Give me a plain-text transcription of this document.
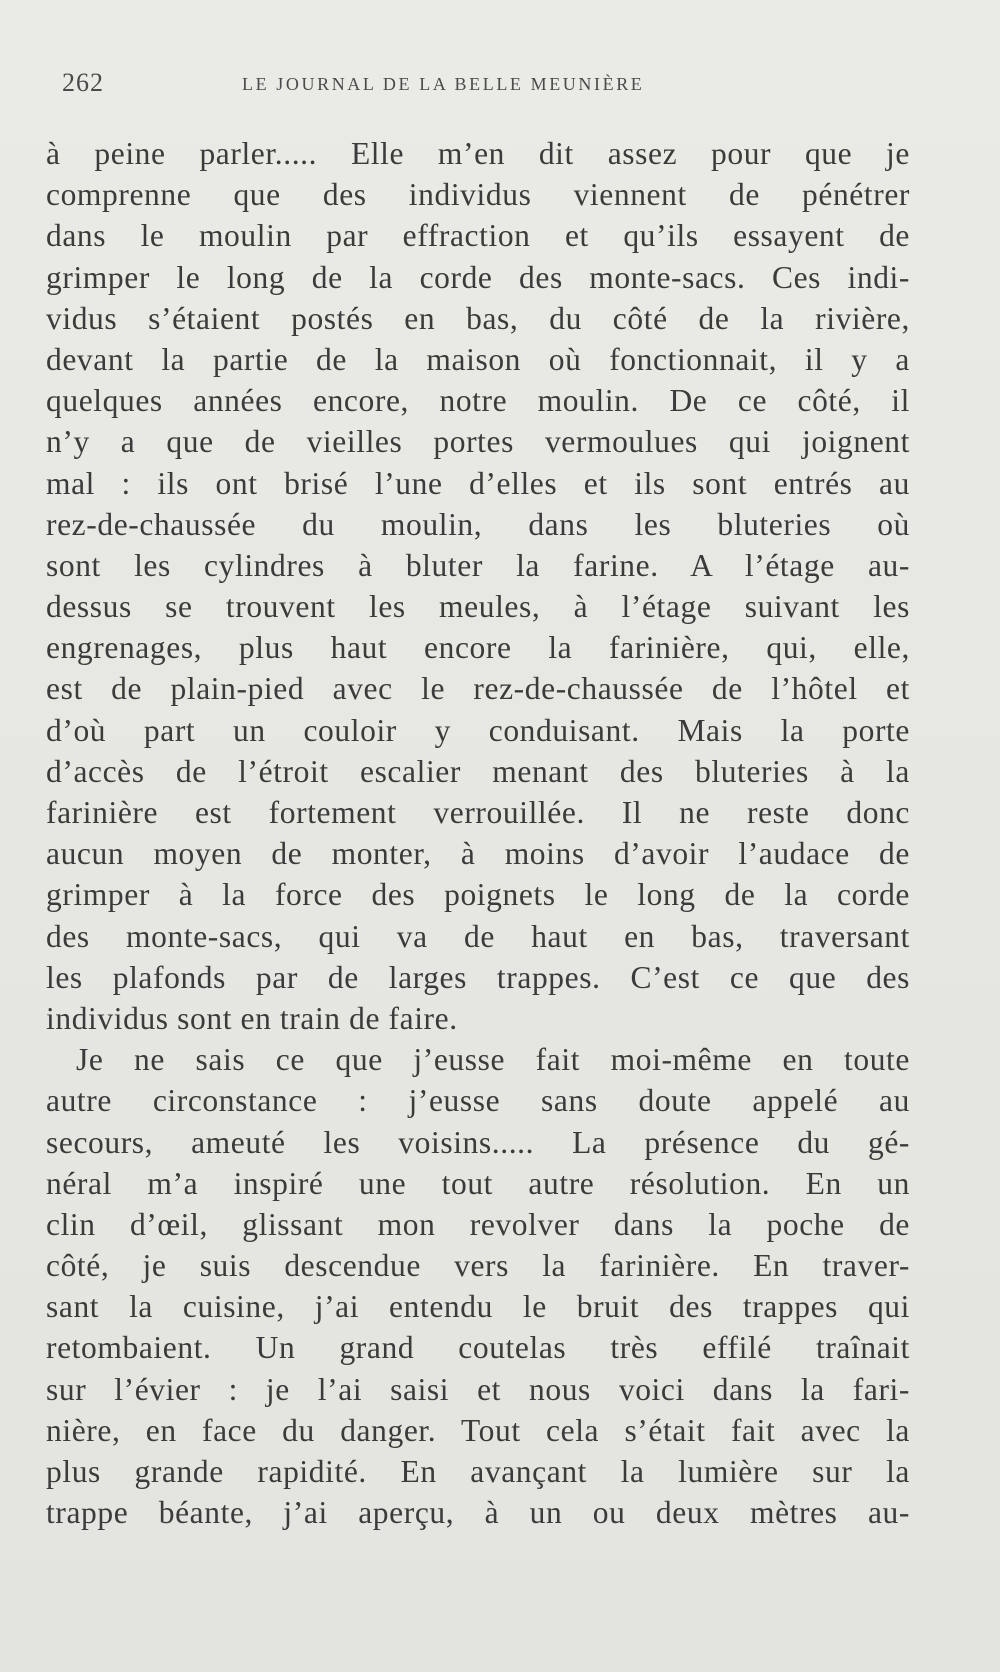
262	LE JOURNAL DE LA BELLE MEUNIÈRE
à peine parler..... Elle m’en dit assez pour que je
comprenne que des individus viennent de pénétrer
dans le moulin par effraction et qu’ils essayent de
grimper le long de la corde des monte-sacs. Ces indi-
vidus s’étaient postés en bas, du côté de la rivière,
devant la partie de la maison où fonctionnait, il y a
quelques années encore, notre moulin. De ce côté, il
n’y a que de vieilles portes vermoulues qui joignent
mal : ils ont brisé l’une d’elles et ils sont entrés au
rez-de-chaussée du moulin, dans les bluteries où
sont les cylindres à bluter la farine. A l’étage au-
dessus se trouvent les meules, à l’étage suivant les
engrenages, plus haut encore la farinière, qui, elle,
est de plain-pied avec le rez-de-chaussée de l’hôtel et
d’où part un couloir y conduisant. Mais la porte
d’accès de l’étroit escalier menant des bluteries à la
farinière est fortement verrouillée. Il ne reste donc
aucun moyen de monter, à moins d’avoir l’audace de
grimper à la force des poignets le long de la corde
des monte-sacs, qui va de haut en bas, traversant
les plafonds par de larges trappes. C’est ce que des
individus sont en train de faire.
Je ne sais ce que j’eusse fait moi-même en toute
autre circonstance : j’eusse sans doute appelé au
secours, ameuté les voisins..... La présence du gé-
néral m’a inspiré une tout autre résolution. En un
clin d’œil, glissant mon revolver dans la poche de
côté, je suis descendue vers la farinière. En traver-
sant la cuisine, j’ai entendu le bruit des trappes qui
retombaient. Un grand coutelas très effilé traînait
sur l’évier : je l’ai saisi et nous voici dans la fari-
nière, en face du danger. Tout cela s’était fait avec la
plus grande rapidité. En avançant la lumière sur la
trappe béante, j’ai aperçu, à un ou deux mètres au-
